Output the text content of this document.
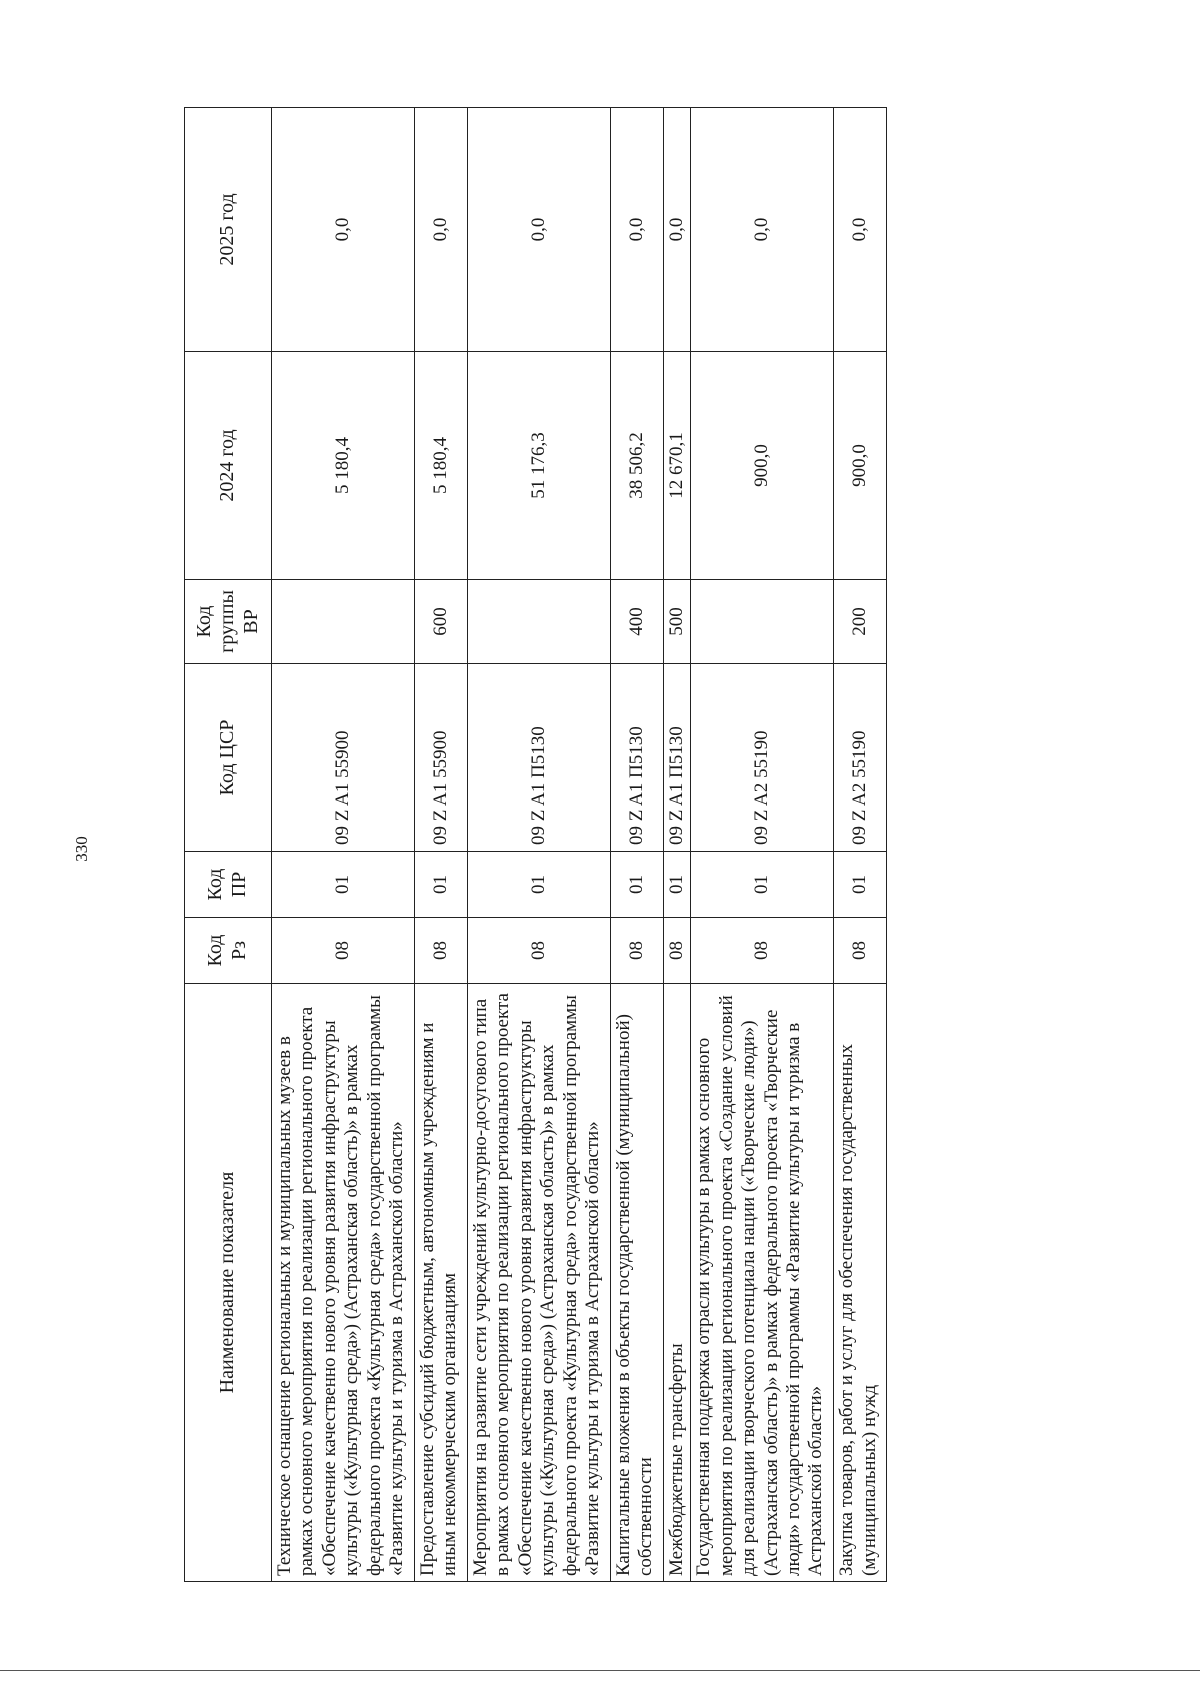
330
Наименование показателя	Код Рз	Код ПР	Код ЦСР	Код группы ВР	2024 год	2025 год
Техническое оснащение региональных и муниципальных музеев в рамках основного мероприятия по реализации регионального проекта «Обеспечение качественно нового уровня развития инфраструктуры культуры («Культурная среда») (Астраханская область)» в рамках федерального проекта «Культурная среда» государственной программы «Развитие культуры и туризма в Астраханской области»	08	01	09 Z A1 55900		5 180,4	0,0
Предоставление субсидий бюджетным, автономным учреждениям и иным некоммерческим организациям	08	01	09 Z A1 55900	600	5 180,4	0,0
Мероприятия на развитие сети учреждений культурно-досугового типа в рамках основного мероприятия по реализации регионального проекта «Обеспечение качественно нового уровня развития инфраструктуры культуры («Культурная среда») (Астраханская область)» в рамках федерального проекта «Культурная среда» государственной программы «Развитие культуры и туризма в Астраханской области»	08	01	09 Z A1 П5130		51 176,3	0,0
Капитальные вложения в объекты государственной (муниципальной) собственности	08	01	09 Z A1 П5130	400	38 506,2	0,0
Межбюджетные трансферты	08	01	09 Z A1 П5130	500	12 670,1	0,0
Государственная поддержка отрасли культуры в рамках основного мероприятия по реализации регионального проекта «Создание условий для реализации творческого потенциала нации («Творческие люди») (Астраханская область)» в рамках федерального проекта «Творческие люди» государственной программы «Развитие культуры и туризма в Астраханской области»	08	01	09 Z A2 55190		900,0	0,0
Закупка товаров, работ и услуг для обеспечения государственных (муниципальных) нужд	08	01	09 Z A2 55190	200	900,0	0,0
